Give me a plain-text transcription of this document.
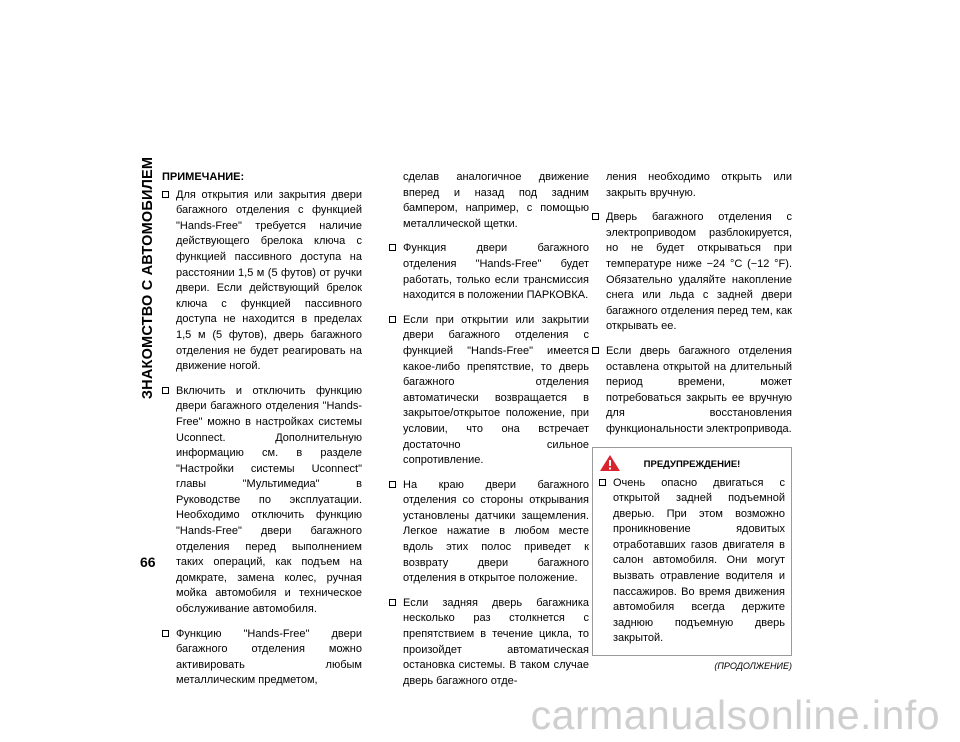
ЗНАКОМСТВО С АВТОМОБИЛЕМ
66
ПРИМЕЧАНИЕ:
Для открытия или закрытия двери багажного отделения с функцией "Hands-Free" требуется наличие действующего брелока ключа с функцией пассивного доступа на расстоянии 1,5 м (5 футов) от ручки двери. Если действующий брелок ключа с функцией пассивного доступа не находится в пределах 1,5 м (5 футов), дверь багажного отделения не будет реагировать на движение ногой.
Включить и отключить функцию двери багажного отделения "Hands-Free" можно в настройках системы Uconnect. Дополнительную информацию см. в разделе "Настройки системы Uconnect" главы "Мультимедиа" в Руководстве по эксплуатации. Необходимо отключить функцию "Hands-Free" двери багажного отделения перед выполнением таких операций, как подъем на домкрате, замена колес, ручная мойка автомобиля и техническое обслуживание автомобиля.
Функцию "Hands-Free" двери багажного отделения можно активировать любым металлическим предметом,
сделав аналогичное движение вперед и назад под задним бампером, например, с помощью металлической щетки.
Функция двери багажного отделения "Hands-Free" будет работать, только если трансмиссия находится в положении ПАРКОВКА.
Если при открытии или закрытии двери багажного отделения с функцией "Hands-Free" имеется какое-либо препятствие, то дверь багажного отделения автоматически возвращается в закрытое/открытое положение, при условии, что она встречает достаточно сильное сопротивление.
На краю двери багажного отделения со стороны открывания установлены датчики защемления. Легкое нажатие в любом месте вдоль этих полос приведет к возврату двери багажного отделения в открытое положение.
Если задняя дверь багажника несколько раз столкнется с препятствием в течение цикла, то произойдет автоматическая остановка системы. В таком случае дверь багажного отде-
ления необходимо открыть или закрыть вручную.
Дверь багажного отделения с электроприводом разблокируется, но не будет открываться при температуре ниже −24 °C (−12 °F). Обязательно удаляйте накопление снега или льда с задней двери багажного отделения перед тем, как открывать ее.
Если дверь багажного отделения оставлена открытой на длительный период времени, может потребоваться закрыть ее вручную для восстановления функциональности электропривода.
ПРЕДУПРЕЖДЕНИЕ!
Очень опасно двигаться с открытой задней подъемной дверью. При этом возможно проникновение ядовитых отработавших газов двигателя в салон автомобиля. Они могут вызвать отравление водителя и пассажиров. Во время движения автомобиля всегда держите заднюю подъемную дверь закрытой.
(ПРОДОЛЖЕНИЕ)
carmanualsonline.info
